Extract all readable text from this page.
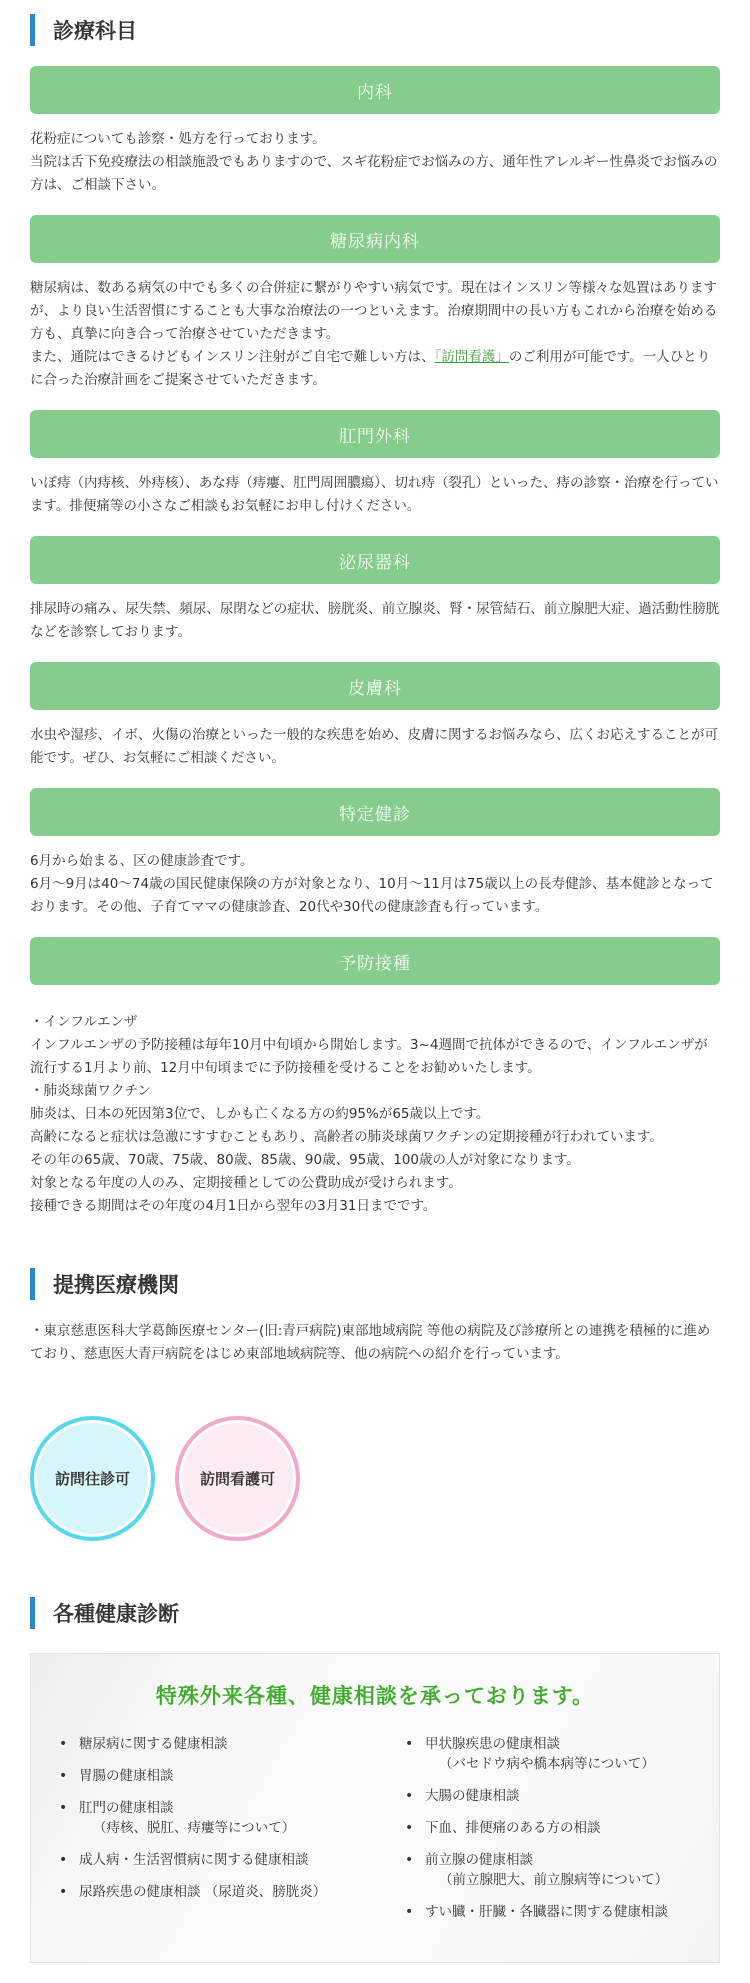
診療科目
内科

花粉症についても診察・処方を行っております。

当院は舌下免疫療法の相談施設でもありますので、スギ花粉症でお悩みの方、通年性アレルギー性鼻炎でお悩みの方は、ご相談下さい。

糖尿病内科

糖尿病は、数ある病気の中でも多くの合併症に繋がりやすい病気です。現在はインスリン等様々な処置はありますが、より良い生活習慣にすることも大事な治療法の一つといえます。治療期間中の長い方もこれから治療を始める方も、真摯に向き合って治療させていただきます。

また、通院はできるけどもインスリン注射がご自宅で難しい方は、「訪問看護」のご利用が可能です。一人ひとりに合った治療計画をご提案させていただきます。

肛門外科

いぼ痔（内痔核、外痔核）、あな痔（痔瘻、肛門周囲膿瘍）、切れ痔（裂孔）といった、痔の診察・治療を行っています。排便痛等の小さなご相談もお気軽にお申し付けください。

泌尿器科

排尿時の痛み、尿失禁、頻尿、尿閉などの症状、膀胱炎、前立腺炎、腎・尿管結石、前立腺肥大症、過活動性膀胱などを診察しております。

皮膚科

水虫や湿疹、イボ、火傷の治療といった一般的な疾患を始め、皮膚に関するお悩みなら、広くお応えすることが可能です。ぜひ、お気軽にご相談ください。

特定健診

6月から始まる、区の健康診査です。

6月～9月は40～74歳の国民健康保険の方が対象となり、10月～11月は75歳以上の長寿健診、基本健診となっております。その他、子育てママの健康診査、20代や30代の健康診査も行っています。

予防接種

・インフルエンザ

インフルエンザの予防接種は毎年10月中旬頃から開始します。3~4週間で抗体ができるので、インフルエンザが流行する1月より前、12月中旬頃までに予防接種を受けることをお勧めいたします。

・肺炎球菌ワクチン

肺炎は、日本の死因第3位で、しかも亡くなる方の約95%が65歳以上です。

高齢になると症状は急激にすすむこともあり、高齢者の肺炎球菌ワクチンの定期接種が行われています。

その年の65歳、70歳、75歳、80歳、85歳、90歳、95歳、100歳の人が対象になります。

対象となる年度の人のみ、定期接種としての公費助成が受けられます。

接種できる期間はその年度の4月1日から翌年の3月31日までです。

提携医療機関

・東京慈恵医科大学葛飾医療センター(旧:青戸病院)東部地域病院 等他の病院及び診療所との連携を積極的に進めており、慈恵医大青戸病院をはじめ東部地域病院等、他の病院への紹介を行っています。

訪問往診可	訪問看護可
各種健康診断
特殊外来各種、健康相談を承っております。
• 糖尿病に関する健康相談
• 胃腸の健康相談
• 肛門の健康相談
（痔核、脱肛、痔瘻等について）
• 成人病・生活習慣病に関する健康相談
• 尿路疾患の健康相談 （尿道炎、膀胱炎）
• 甲状腺疾患の健康相談
（バセドウ病や橋本病等について）
• 大腸の健康相談
• 下血、排便痛のある方の相談
• 前立腺の健康相談
（前立腺肥大、前立腺病等について）
• すい臓・肝臓・各臓器に関する健康相談
